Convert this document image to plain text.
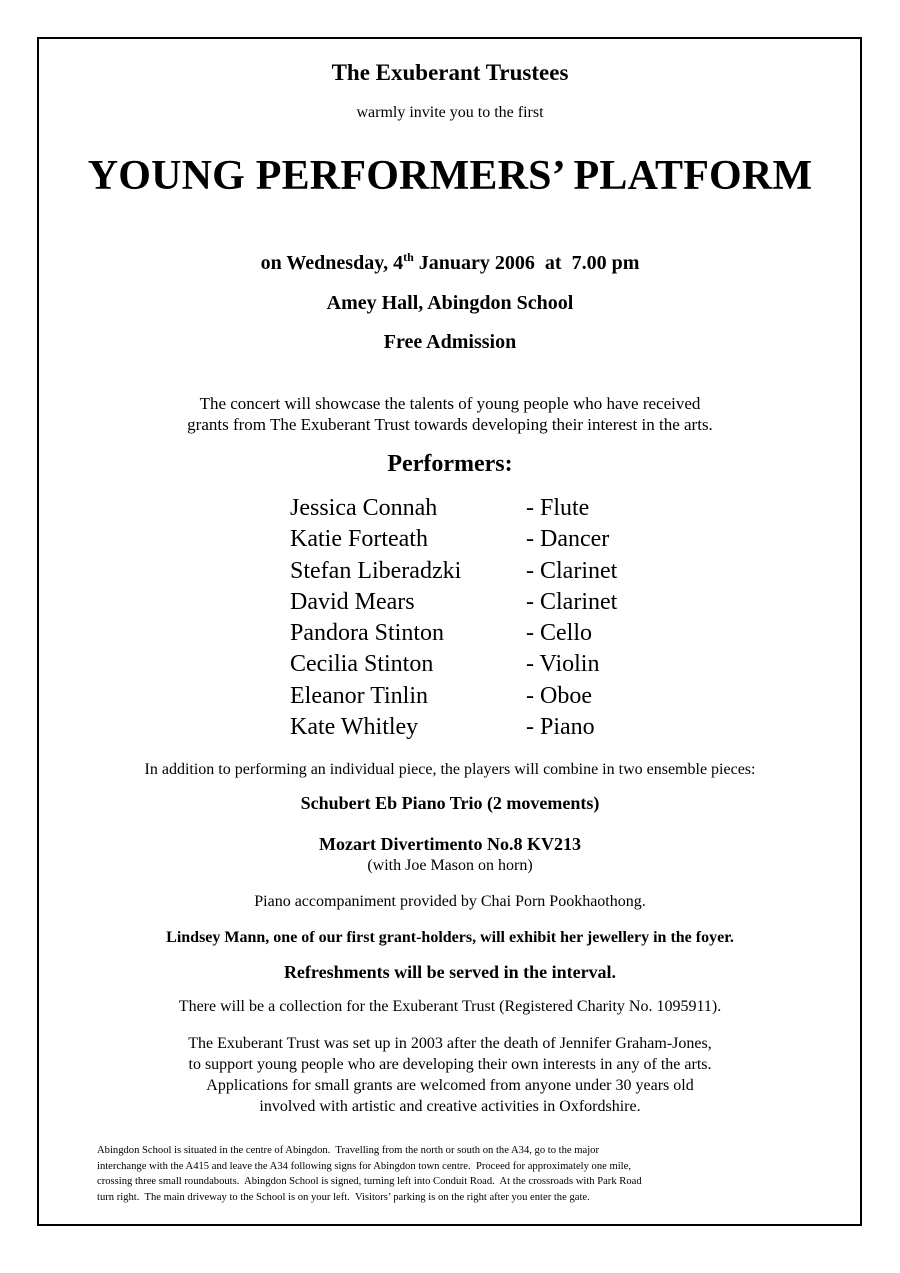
The Exuberant Trustees
warmly invite you to the first
YOUNG PERFORMERS’ PLATFORM
on Wednesday, 4th January 2006  at  7.00 pm
Amey Hall, Abingdon School
Free Admission
The concert will showcase the talents of young people who have received
grants from The Exuberant Trust towards developing their interest in the arts.
Performers:
Jessica Connah	- Flute
Katie Forteath	- Dancer
Stefan Liberadzki	- Clarinet
David Mears	- Clarinet
Pandora Stinton	- Cello
Cecilia Stinton	- Violin
Eleanor Tinlin	- Oboe
Kate Whitley	- Piano
In addition to performing an individual piece, the players will combine in two ensemble pieces:
Schubert Eb Piano Trio (2 movements)
Mozart Divertimento No.8 KV213
(with Joe Mason on horn)
Piano accompaniment provided by Chai Porn Pookhaothong.
Lindsey Mann, one of our first grant-holders, will exhibit her jewellery in the foyer.
Refreshments will be served in the interval.
There will be a collection for the Exuberant Trust (Registered Charity No. 1095911).
The Exuberant Trust was set up in 2003 after the death of Jennifer Graham-Jones,
to support young people who are developing their own interests in any of the arts.
Applications for small grants are welcomed from anyone under 30 years old
involved with artistic and creative activities in Oxfordshire.
Abingdon School is situated in the centre of Abingdon.  Travelling from the north or south on the A34, go to the major
interchange with the A415 and leave the A34 following signs for Abingdon town centre.  Proceed for approximately one mile,
crossing three small roundabouts.  Abingdon School is signed, turning left into Conduit Road.  At the crossroads with Park Road
turn right.  The main driveway to the School is on your left.  Visitors’ parking is on the right after you enter the gate.
